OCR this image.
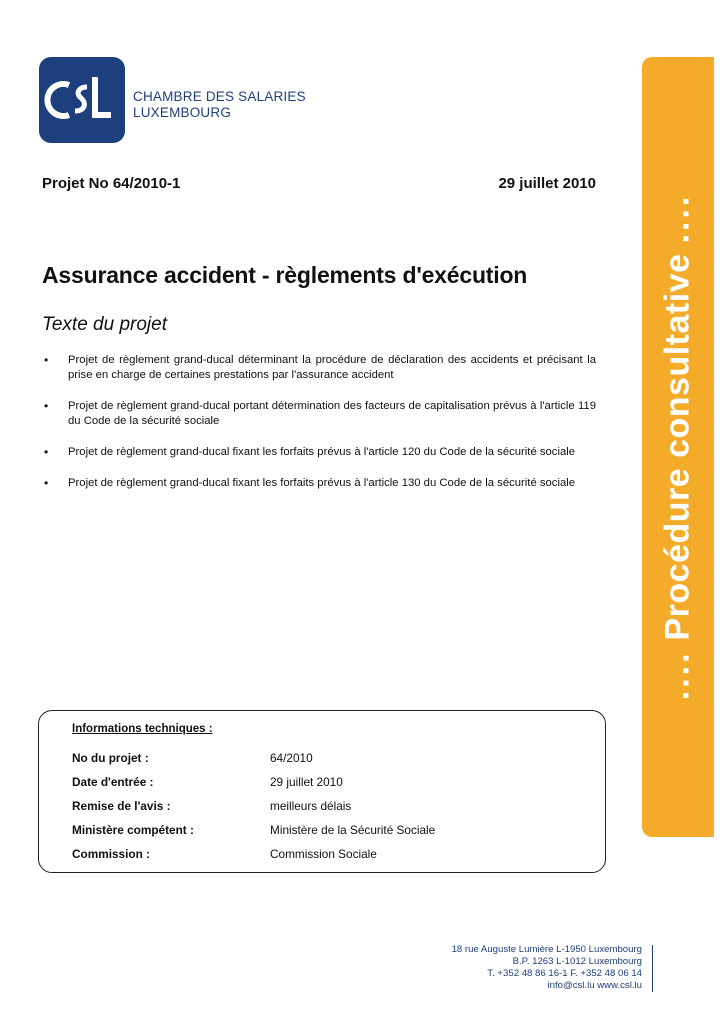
CHAMBRE DES SALARIES
LUXEMBOURG
Projet No 64/2010-1	29 juillet 2010
Assurance accident - règlements d'exécution
Texte du projet
• Projet de règlement grand-ducal déterminant la procédure de déclaration des accidents et précisant la prise en charge de certaines prestations par l'assurance accident
• Projet de règlement grand-ducal portant détermination des facteurs de capitalisation prévus à l'article 119 du Code de la sécurité sociale
• Projet de règlement grand-ducal fixant les forfaits prévus à l'article 120 du Code de la sécurité sociale
• Projet de règlement grand-ducal fixant les forfaits prévus à l'article 130 du Code de la sécurité sociale
.... Procédure consultative ....
Informations techniques :
No du projet :	64/2010
Date d'entrée :	29 juillet 2010
Remise de l'avis :	meilleurs délais
Ministère compétent :	Ministère de la Sécurité Sociale
Commission :	Commission Sociale
18 rue Auguste Lumière L-1950 Luxembourg
B.P. 1263 L-1012 Luxembourg
T. +352 48 86 16-1 F. +352 48 06 14
info@csl.lu www.csl.lu
